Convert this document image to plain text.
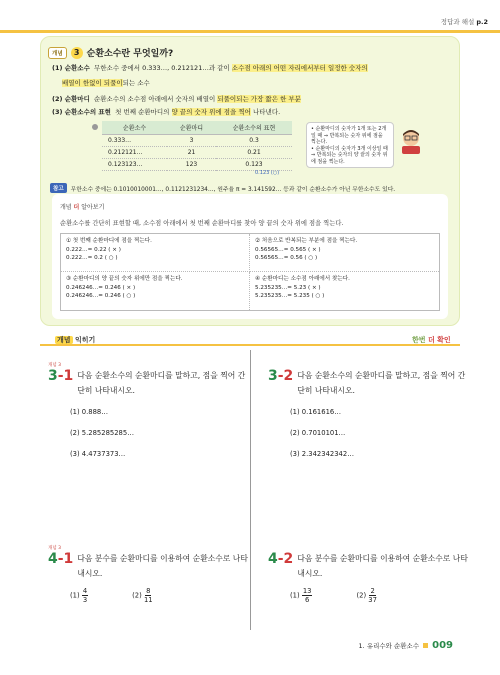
정답과 해설 p.2
개념	3 순환소수란 무엇일까?
(1) 순환소수 무한소수 중에서 0.333…, 0.212121…과 같이 소수점 아래의 어떤 자리에서부터 일정한 숫자의
배열이 한없이 되풀이되는 소수
(2) 순환마디 순환소수의 소수점 아래에서 숫자의 배열이 되풀이되는 가장 짧은 한 부분
(3) 순환소수의 표현 첫 번째 순환마디의 양 끝의 숫자 위에 점을 찍어 나타낸다.
순환소수	순환마디	순환소수의 표현
0.333…	3	0.3̇
0.212121…	21	0.2̇1̇
0.123123…	123	0.1̇23̇
0.1̇23̇ (○)
• 순환마디의 숫자가 1개 또는 2개일 때 ⇒ 반복되는 숫자 위에 점을 찍는다.
• 순환마디의 숫자가 3개 이상일 때 ⇒ 반복되는 숫자의 양 끝의 숫자 위에 점을 찍는다.
참고	무한소수 중에는 0.1010010001…, 0.1121231234…, 원주율 π = 3.141592… 등과 같이 순환소수가 아닌 무한소수도 있다.
개념 더 알아보기
순환소수를 간단히 표현할 때, 소수점 아래에서 첫 번째 순환마디를 찾아 양 끝의 숫자 위에 점을 찍는다.
① 첫 번째 순환마디에 점을 찍는다.
0.222…= 0.22̇ ( × )
0.222…= 0.2̇ ( ○ )
② 처음으로 반복되는 부분에 점을 찍는다.
0.56565…= 0.565̇ ( × )
0.56565…= 0.5̇6̇ ( ○ )
③ 순환마디의 양 끝의 숫자 위에만 점을 찍는다.
0.246246…= 0.2̇4̇6̇ ( × )
0.246246…= 0.2̇46̇ ( ○ )
④ 순환마디는 소수점 아래에서 찾는다.
5.235235…= 5.2̇3̇ ( × )
5.235235…= 5.2̇35̇ ( ○ )
개념 익히기	한번 더 확인
개념 3
3 -1 다음 순환소수의 순환마디를 말하고, 점을 찍어 간
단히 나타내시오.
(1) 0.888…
(2) 5.285285285…
(3) 4.4737373…
3 -2 다음 순환소수의 순환마디를 말하고, 점을 찍어 간
단히 나타내시오.
(1) 0.161616…
(2) 0.7010101…
(3) 2.342342342…
개념 3
4 -1 다음 분수를 순환마디를 이용하여 순환소수로 나타
내시오.
$(1) \frac{4}{3}$	$(2) \frac{8}{11}$
4 -2 다음 분수를 순환마디를 이용하여 순환소수로 나타
내시오.
$(1) \frac{13}{6}$	$(2) \frac{2}{37}$
1. 유리수와 순환소수 009
